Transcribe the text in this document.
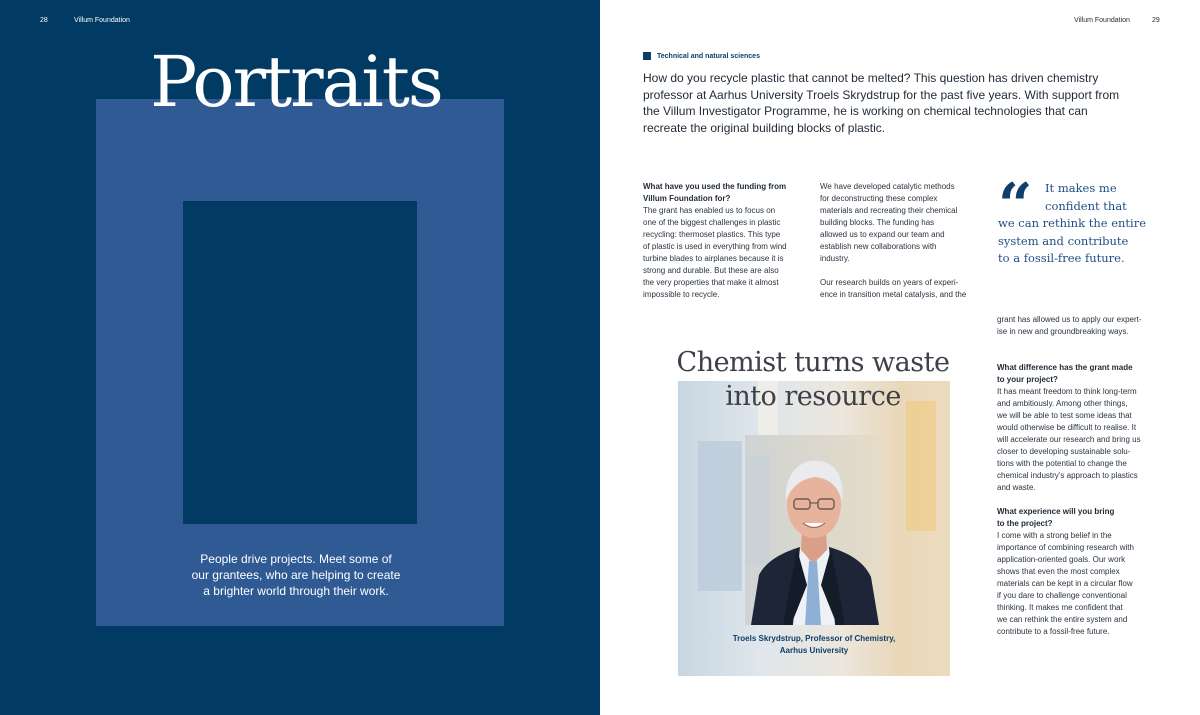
28	Villum Foundation
Portraits
People drive projects. Meet some of
our grantees, who are helping to create
a brighter world through their work.
Villum Foundation	29
Technical and natural sciences
How do you recycle plastic that cannot be melted? This question has driven chemistry
professor at Aarhus University Troels Skrydstrup for the past five years. With support from
the Villum Investigator Programme, he is working on chemical technologies that can
recreate the original building blocks of plastic.

What have you used the funding from

Villum Foundation for?

The grant has enabled us to focus on

one of the biggest challenges in plastic

recycling: thermoset plastics. This type

of plastic is used in everything from wind

turbine blades to airplanes because it is

strong and durable. But these are also

the very properties that make it almost

impossible to recycle.

We have developed catalytic methods

for deconstructing these complex

materials and recreating their chemical

building blocks. The funding has

allowed us to expand our team and

establish new collaborations with

industry.

Our research builds on years of experi-

ence in transition metal catalysis, and the

“	It makes me
confident that
we can rethink the entire
system and contribute
to a fossil-free future.

grant has allowed us to apply our expert-

ise in new and groundbreaking ways.

What difference has the grant made

to your project?

It has meant freedom to think long-term

and ambitiously. Among other things,

we will be able to test some ideas that

would otherwise be difficult to realise. It

will accelerate our research and bring us

closer to developing sustainable solu-

tions with the potential to change the

chemical industry’s approach to plastics

and waste.

What experience will you bring

to the project?

I come with a strong belief in the

importance of combining research with

application-oriented goals. Our work

shows that even the most complex

materials can be kept in a circular flow

if you dare to challenge conventional

thinking. It makes me confident that

we can rethink the entire system and

contribute to a fossil-free future.

Troels Skrydstrup, Professor of Chemistry,
Aarhus University
Chemist turns waste
into resource
